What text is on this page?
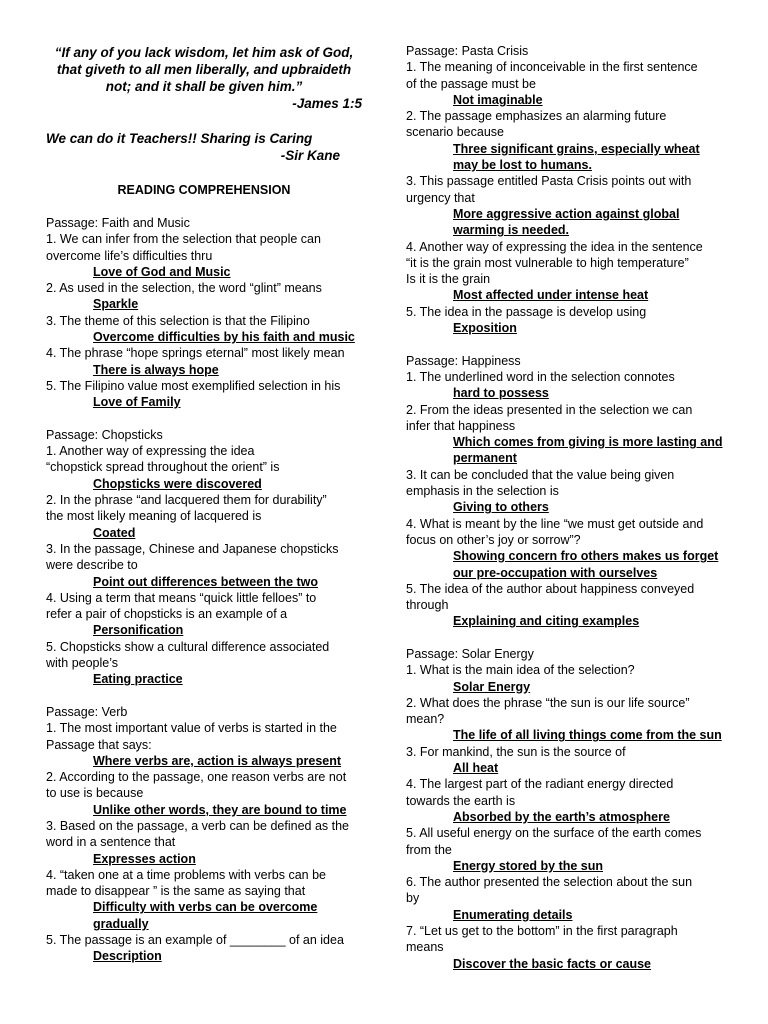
“If any of you lack wisdom, let him ask of God,

that giveth to all men liberally, and upbraideth

not; and it shall be given him.”

-James 1:5

We can do it Teachers!! Sharing is Caring

-Sir Kane

READING COMPREHENSION

Passage: Faith and Music

1. We can infer from the selection that people can

overcome life’s difficulties thru

Love of God and Music

2. As used in the selection, the word “glint” means

Sparkle

3. The theme of this selection is that the Filipino

Overcome difficulties by his faith and music

4. The phrase “hope springs eternal” most likely mean

There is always hope

5. The Filipino value most exemplified selection in his

Love of Family

Passage: Chopsticks

1. Another way of expressing the idea

“chopstick spread throughout the orient” is

Chopsticks were discovered

2. In the phrase “and lacquered them for durability”

the most likely meaning of lacquered is

Coated

3. In the passage, Chinese and Japanese chopsticks

were describe to

Point out differences between the two

4. Using a term that means “quick little felloes” to

refer a pair of chopsticks is an example of a

Personification

5. Chopsticks show a cultural difference associated

with people’s

Eating practice

Passage: Verb

1. The most important value of verbs is started in the

Passage that says:

Where verbs are, action is always present

2. According to the passage, one reason verbs are not

to use is because

Unlike other words, they are bound to time

3. Based on the passage, a verb can be defined as the

word in a sentence that

Expresses action

4. “taken one at a time problems with verbs can be

made to disappear ” is the same as saying that

Difficulty with verbs can be overcome

gradually

5. The passage is an example of ________ of an idea

Description

Passage: Pasta Crisis

1. The meaning of inconceivable in the first sentence

of the passage must be

Not imaginable

2. The passage emphasizes an alarming future

scenario because

Three significant grains, especially wheat

may be lost to humans.

3. This passage entitled Pasta Crisis points out with

urgency that

More aggressive action against global

warming is needed.

4. Another way of expressing the idea in the sentence

“it is the grain most vulnerable to high temperature”

Is it is the grain

Most affected under intense heat

5. The idea in the passage is develop using

Exposition

Passage: Happiness

1. The underlined word in the selection connotes

hard to possess

2. From the ideas presented in the selection we can

infer that happiness

Which comes from giving is more lasting and

permanent

3. It can be concluded that the value being given

emphasis in the selection is

Giving to others

4. What is meant by the line “we must get outside and

focus on other’s joy or sorrow”?

Showing concern fro others makes us forget

our pre-occupation with ourselves

5. The idea of the author about happiness conveyed

through

Explaining and citing examples

Passage: Solar Energy

1. What is the main idea of the selection?

Solar Energy

2. What does the phrase “the sun is our life source”

mean?

The life of all living things come from the sun

3. For mankind, the sun is the source of

All heat

4. The largest part of the radiant energy directed

towards the earth is

Absorbed by the earth’s atmosphere

5. All useful energy on the surface of the earth comes

from the

Energy stored by the sun

6. The author presented the selection about the sun

by

Enumerating details

7. “Let us get to the bottom” in the first paragraph

means

Discover the basic facts or cause
